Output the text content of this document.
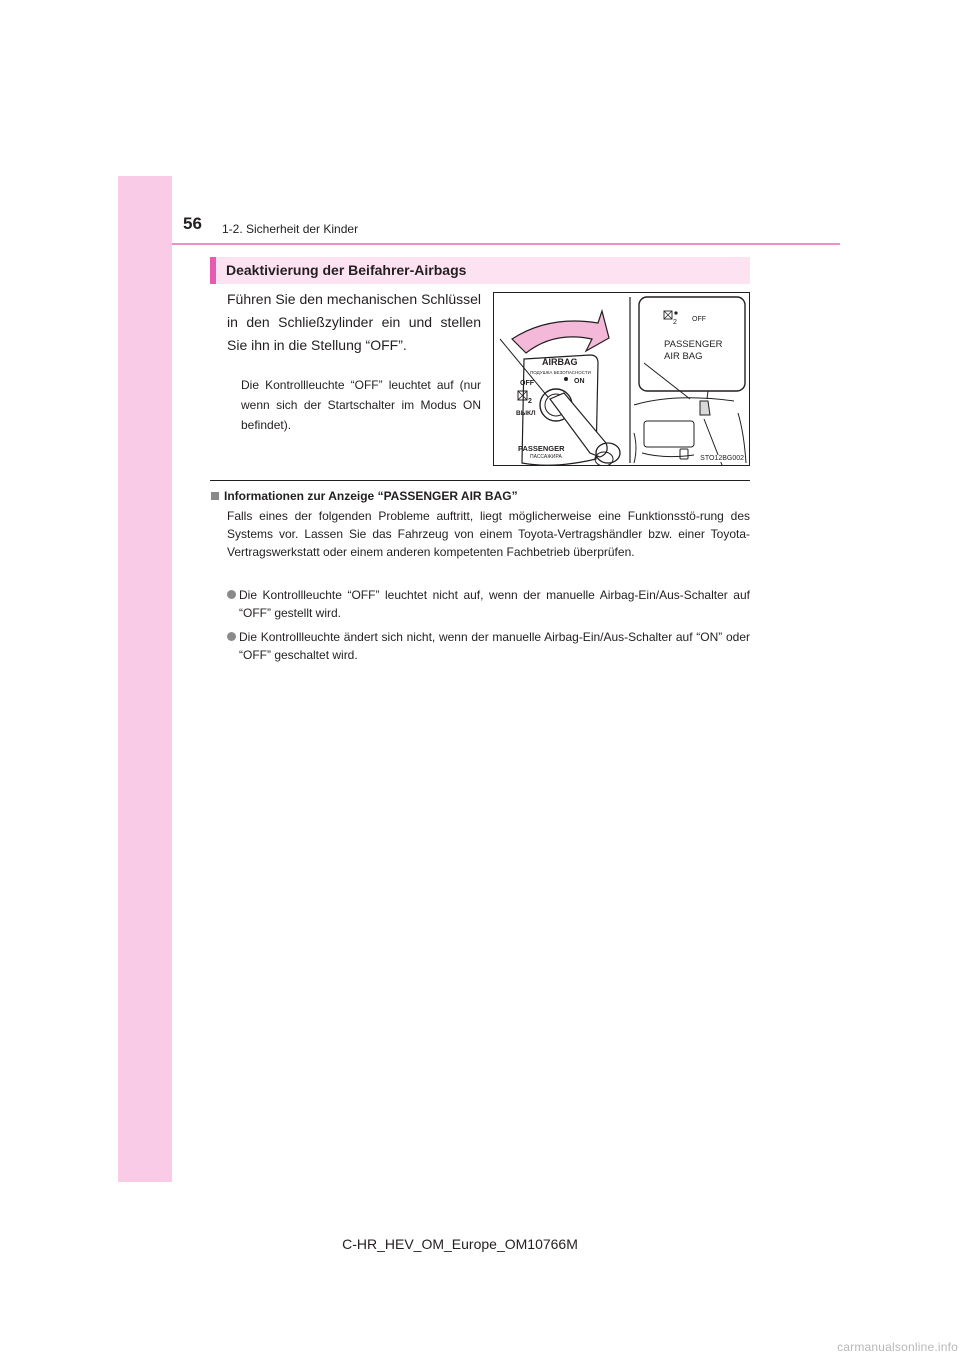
56 1-2. Sicherheit der Kinder
Deaktivierung der Beifahrer-Airbags
Führen Sie den mechanischen Schlüssel in den Schließzylinder ein und stellen Sie ihn in die Stellung “OFF”.
Die Kontrollleuchte “OFF” leuchtet auf (nur wenn sich der Startschalter im Modus ON befindet).
AIRBAG
ПОДУШКА БЕЗОПАСНОСТИ
OFF	ON
2
ВЫКЛ
PASSENGER
ПАССАЖИРА
2 OFF
PASSENGER
AIR BAG
STO12BG002
Informationen zur Anzeige “PASSENGER AIR BAG”
Falls eines der folgenden Probleme auftritt, liegt möglicherweise eine Funktionsstö-rung des Systems vor. Lassen Sie das Fahrzeug von einem Toyota-Vertragshändler bzw. einer Toyota-Vertragswerkstatt oder einem anderen kompetenten Fachbetrieb überprüfen.
Die Kontrollleuchte “OFF” leuchtet nicht auf, wenn der manuelle Airbag-Ein/Aus-Schalter auf “OFF” gestellt wird.
Die Kontrollleuchte ändert sich nicht, wenn der manuelle Airbag-Ein/Aus-Schalter auf “ON” oder “OFF” geschaltet wird.
C-HR_HEV_OM_Europe_OM10766M
carmanualsonline.info
